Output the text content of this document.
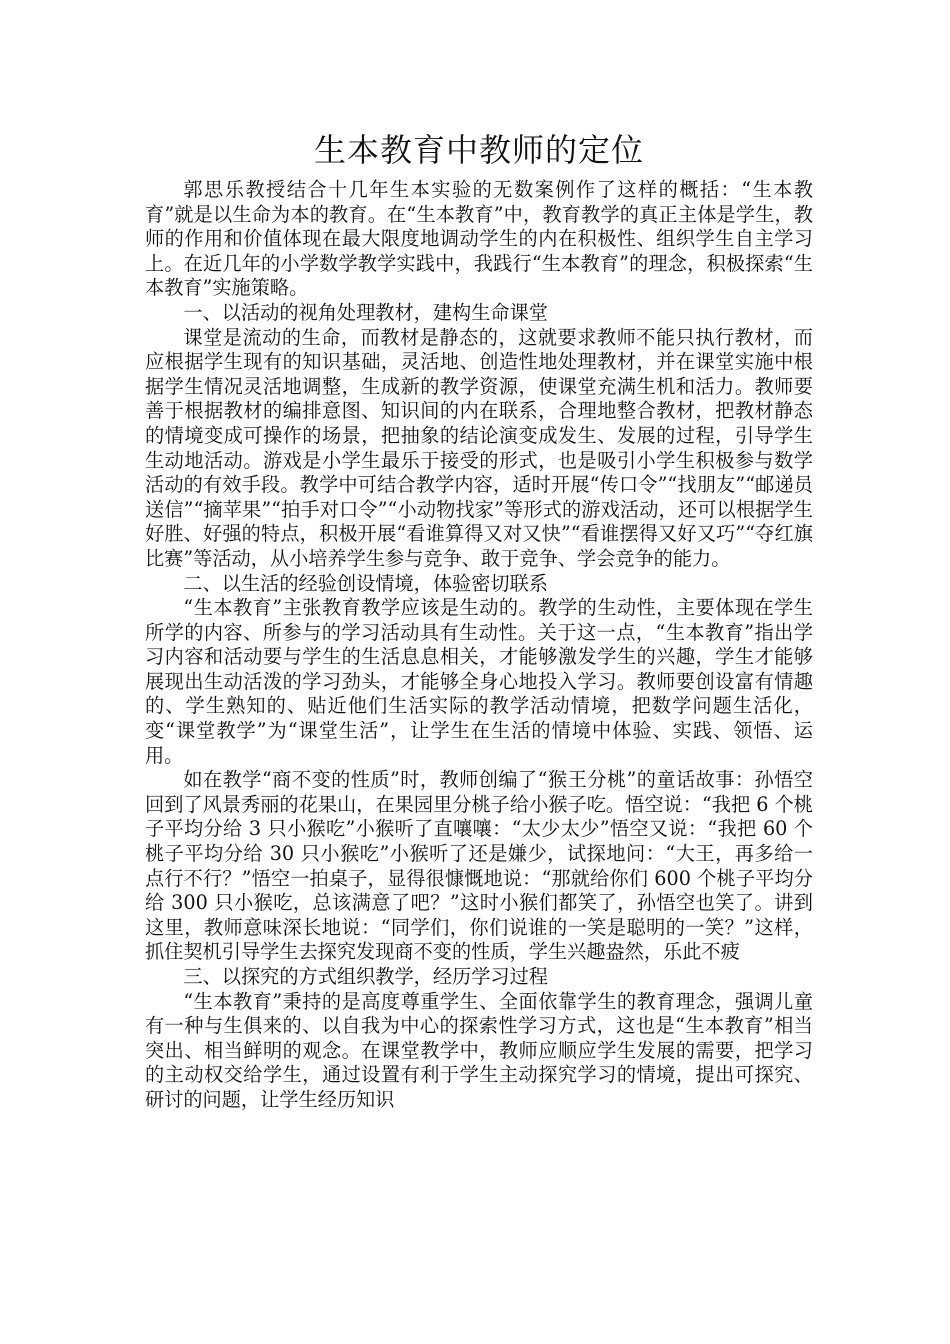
生本教育中教师的定位

郭思乐教授结合十几年生本实验的无数案例作了这样的概括：“生本教育”就是以生命为本的教育。在“生本教育”中，教育教学的真正主体是学生，教师的作用和价值体现在最大限度地调动学生的内在积极性、组织学生自主学习上。在近几年的小学数学教学实践中，我践行“生本教育”的理念，积极探索“生本教育”实施策略。

一、以活动的视角处理教材，建构生命课堂

课堂是流动的生命，而教材是静态的，这就要求教师不能只执行教材，而应根据学生现有的知识基础，灵活地、创造性地处理教材，并在课堂实施中根据学生情况灵活地调整，生成新的教学资源，使课堂充满生机和活力。教师要善于根据教材的编排意图、知识间的内在联系，合理地整合教材，把教材静态的情境变成可操作的场景，把抽象的结论演变成发生、发展的过程，引导学生生动地活动。游戏是小学生最乐于接受的形式，也是吸引小学生积极参与数学活动的有效手段。教学中可结合教学内容，适时开展“传口令”“找朋友”“邮递员送信”“摘苹果”“拍手对口令”“小动物找家”等形式的游戏活动，还可以根据学生好胜、好强的特点，积极开展“看谁算得又对又快”“看谁摆得又好又巧”“夺红旗比赛”等活动，从小培养学生参与竞争、敢于竞争、学会竞争的能力。

二、以生活的经验创设情境，体验密切联系

“生本教育”主张教育教学应该是生动的。教学的生动性，主要体现在学生所学的内容、所参与的学习活动具有生动性。关于这一点，“生本教育”指出学习内容和活动要与学生的生活息息相关，才能够激发学生的兴趣，学生才能够展现出生动活泼的学习劲头，才能够全身心地投入学习。教师要创设富有情趣的、学生熟知的、贴近他们生活实际的教学活动情境，把数学问题生活化，变“课堂教学”为“课堂生活”，让学生在生活的情境中体验、实践、领悟、运用。

如在教学“商不变的性质”时，教师创编了“猴王分桃”的童话故事：孙悟空回到了风景秀丽的花果山，在果园里分桃子给小猴子吃。悟空说：“我把 6 个桃子平均分给 3 只小猴吃”小猴听了直嚷嚷：“太少太少”悟空又说：“我把 60 个桃子平均分给 30 只小猴吃”小猴听了还是嫌少，试探地问：“大王，再多给一点行不行？”悟空一拍桌子，显得很慷慨地说：“那就给你们 600 个桃子平均分给 300 只小猴吃，总该满意了吧？”这时小猴们都笑了，孙悟空也笑了。讲到这里，教师意味深长地说：“同学们，你们说谁的一笑是聪明的一笑？”这样，抓住契机引导学生去探究发现商不变的性质，学生兴趣盎然，乐此不疲

三、以探究的方式组织教学，经历学习过程

“生本教育”秉持的是高度尊重学生、全面依靠学生的教育理念，强调儿童有一种与生俱来的、以自我为中心的探索性学习方式，这也是“生本教育”相当突出、相当鲜明的观念。在课堂教学中，教师应顺应学生发展的需要，把学习的主动权交给学生，通过设置有利于学生主动探究学习的情境，提出可探究、研讨的问题，让学生经历知识
